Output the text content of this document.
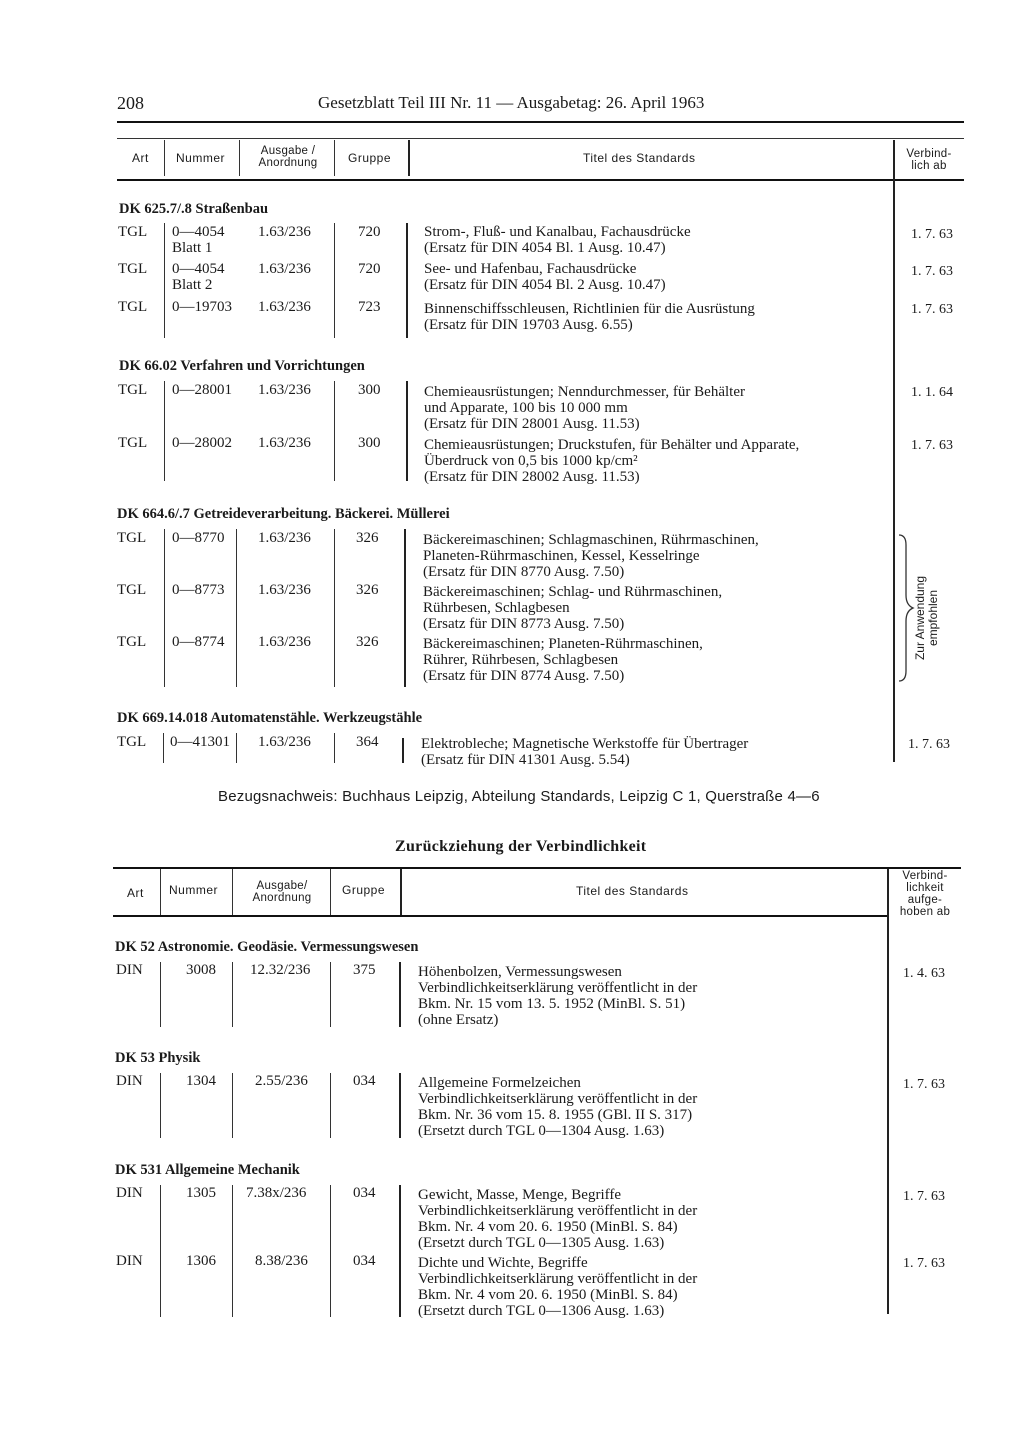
208	Gesetzblatt Teil III Nr. 11 — Ausgabetag: 26. April 1963
Art Nummer	Ausgabe /
Anordnung	Gruppe	Titel des Standards	Verbind-
lich ab
DK 625.7/.8 Straßenbau
TGL 0—4054
Blatt 1
1.63/236	720	Strom-, Fluß- und Kanalbau, Fachausdrücke
(Ersatz für DIN 4054 Bl. 1 Ausg. 10.47)
1. 7. 63
TGL 0—4054
Blatt 2
1.63/236	720	See- und Hafenbau, Fachausdrücke
(Ersatz für DIN 4054 Bl. 2 Ausg. 10.47)
1. 7. 63
TGL 0—19703 1.63/236	723	Binnenschiffsschleusen, Richtlinien für die Ausrüstung
(Ersatz für DIN 19703 Ausg. 6.55)
1. 7. 63
DK 66.02 Verfahren und Vorrichtungen
TGL 0—28001 1.63/236	300	Chemieausrüstungen; Nenndurchmesser, für Behälter
und Apparate, 100 bis 10 000 mm
(Ersatz für DIN 28001 Ausg. 11.53)
1. 1. 64
TGL 0—28002 1.63/236	300	Chemieausrüstungen; Druckstufen, für Behälter und Apparate,
Überdruck von 0,5 bis 1000 kp/cm²
(Ersatz für DIN 28002 Ausg. 11.53)
1. 7. 63
DK 664.6/.7 Getreideverarbeitung. Bäckerei. Müllerei
TGL 0—8770 1.63/236	326	Bäckereimaschinen; Schlagmaschinen, Rührmaschinen,
Planeten-Rührmaschinen, Kessel, Kesselringe
(Ersatz für DIN 8770 Ausg. 7.50)
TGL 0—8773 1.63/236	326	Bäckereimaschinen; Schlag- und Rührmaschinen,
Rührbesen, Schlagbesen
(Ersatz für DIN 8773 Ausg. 7.50)
TGL 0—8774 1.63/236	326	Bäckereimaschinen; Planeten-Rührmaschinen,
Rührer, Rührbesen, Schlagbesen
(Ersatz für DIN 8774 Ausg. 7.50)
Zur Anwendung
empfohlen
DK 669.14.018 Automatenstähle. Werkzeugstähle
TGL 0—41301 1.63/236	364	Elektrobleche; Magnetische Werkstoffe für Übertrager
(Ersatz für DIN 41301 Ausg. 5.54)
1. 7. 63
Bezugsnachweis: Buchhaus Leipzig, Abteilung Standards, Leipzig C 1, Querstraße 4—6
Zurückziehung der Verbindlichkeit
Art Nummer	Ausgabe/
Anordnung
Gruppe	Titel des Standards
Verbind-
lichkeit
aufge-
hoben ab
DK 52 Astronomie. Geodäsie. Vermessungswesen
DIN	3008 12.32/236	375	Höhenbolzen, Vermessungswesen
Verbindlichkeitserklärung veröffentlicht in der
Bkm. Nr. 15 vom 13. 5. 1952 (MinBl. S. 51)
(ohne Ersatz)
1. 4. 63
DK 53 Physik
DIN	1304	2.55/236	034	Allgemeine Formelzeichen
Verbindlichkeitserklärung veröffentlicht in der
Bkm. Nr. 36 vom 15. 8. 1955 (GBl. II S. 317)
(Ersetzt durch TGL 0—1304 Ausg. 1.63)
1. 7. 63
DK 531 Allgemeine Mechanik
DIN	1305 7.38x/236	034	Gewicht, Masse, Menge, Begriffe
Verbindlichkeitserklärung veröffentlicht in der
Bkm. Nr. 4 vom 20. 6. 1950 (MinBl. S. 84)
(Ersetzt durch TGL 0—1305 Ausg. 1.63)
1. 7. 63
DIN	1306	8.38/236	034	Dichte und Wichte, Begriffe
Verbindlichkeitserklärung veröffentlicht in der
Bkm. Nr. 4 vom 20. 6. 1950 (MinBl. S. 84)
(Ersetzt durch TGL 0—1306 Ausg. 1.63)
1. 7. 63
